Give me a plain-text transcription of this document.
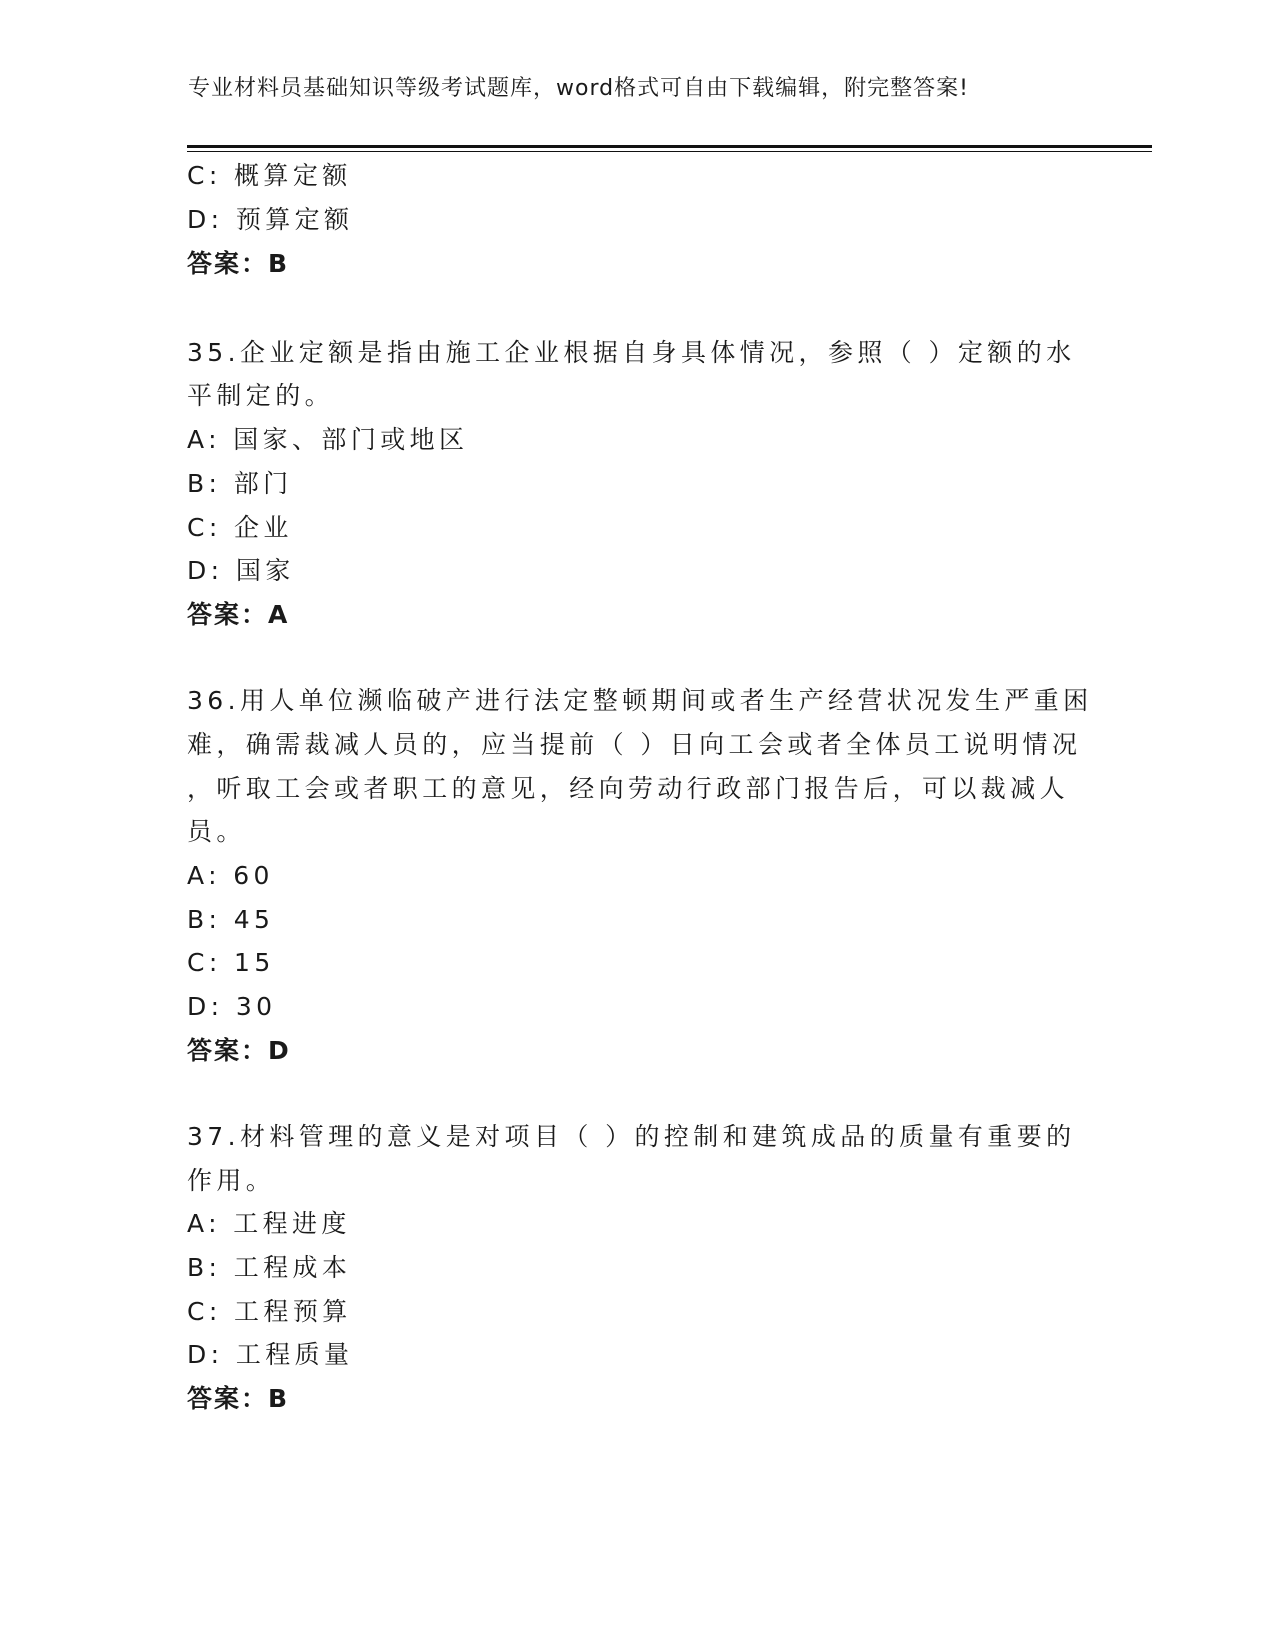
专业材料员基础知识等级考试题库，word格式可自由下载编辑，附完整答案!
C: 概算定额
D: 预算定额
答案：B
35.企业定额是指由施工企业根据自身具体情况，参照（ ）定额的水
平制定的。
A: 国家、部门或地区
B: 部门
C: 企业
D: 国家
答案：A
36.用人单位濒临破产进行法定整顿期间或者生产经营状况发生严重困
难，确需裁减人员的，应当提前（ ）日向工会或者全体员工说明情况
，听取工会或者职工的意见，经向劳动行政部门报告后，可以裁减人
员。
A: 60
B: 45
C: 15
D: 30
答案：D
37.材料管理的意义是对项目（ ）的控制和建筑成品的质量有重要的
作用。
A: 工程进度
B: 工程成本
C: 工程预算
D: 工程质量
答案：B
